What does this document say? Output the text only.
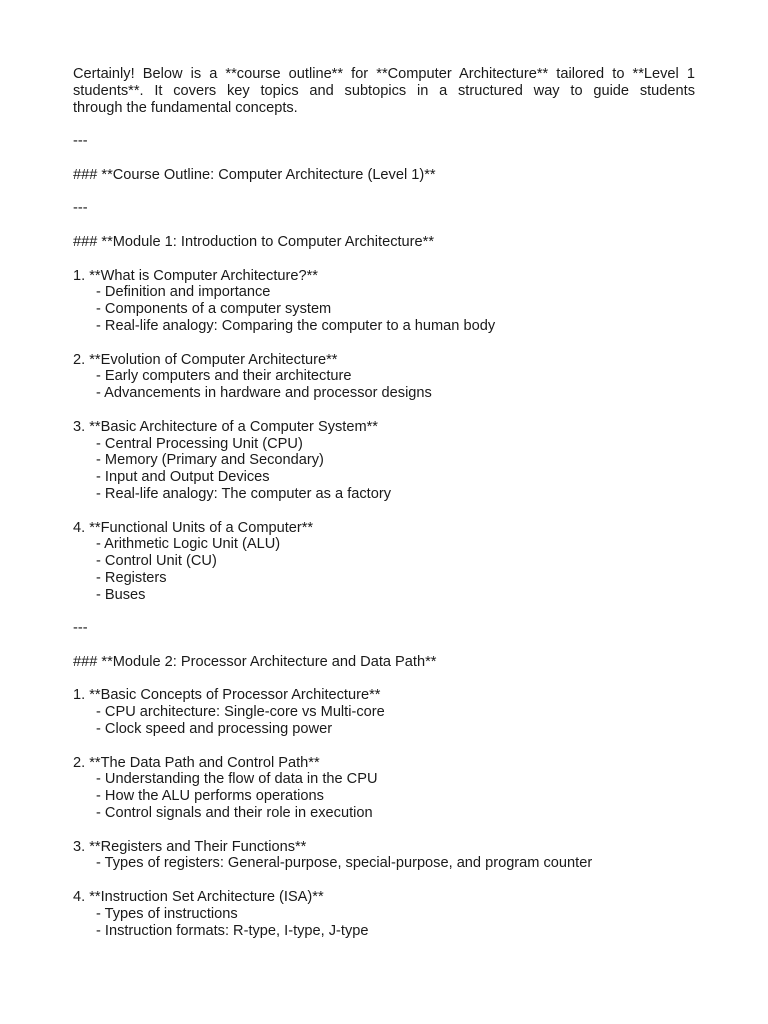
Certainly! Below is a **course outline** for **Computer Architecture** tailored to **Level 1
students**. It covers key topics and subtopics in a structured way to guide students
through the fundamental concepts.

---

### **Course Outline: Computer Architecture (Level 1)**

---

### **Module 1: Introduction to Computer Architecture**

1. **What is Computer Architecture?**

- Definition and importance

- Components of a computer system

- Real-life analogy: Comparing the computer to a human body

2. **Evolution of Computer Architecture**

- Early computers and their architecture

- Advancements in hardware and processor designs

3. **Basic Architecture of a Computer System**

- Central Processing Unit (CPU)

- Memory (Primary and Secondary)

- Input and Output Devices

- Real-life analogy: The computer as a factory

4. **Functional Units of a Computer**

- Arithmetic Logic Unit (ALU)

- Control Unit (CU)

- Registers

- Buses

---

### **Module 2: Processor Architecture and Data Path**

1. **Basic Concepts of Processor Architecture**

- CPU architecture: Single-core vs Multi-core

- Clock speed and processing power

2. **The Data Path and Control Path**

- Understanding the flow of data in the CPU

- How the ALU performs operations

- Control signals and their role in execution

3. **Registers and Their Functions**

- Types of registers: General-purpose, special-purpose, and program counter

4. **Instruction Set Architecture (ISA)**

- Types of instructions

- Instruction formats: R-type, I-type, J-type
